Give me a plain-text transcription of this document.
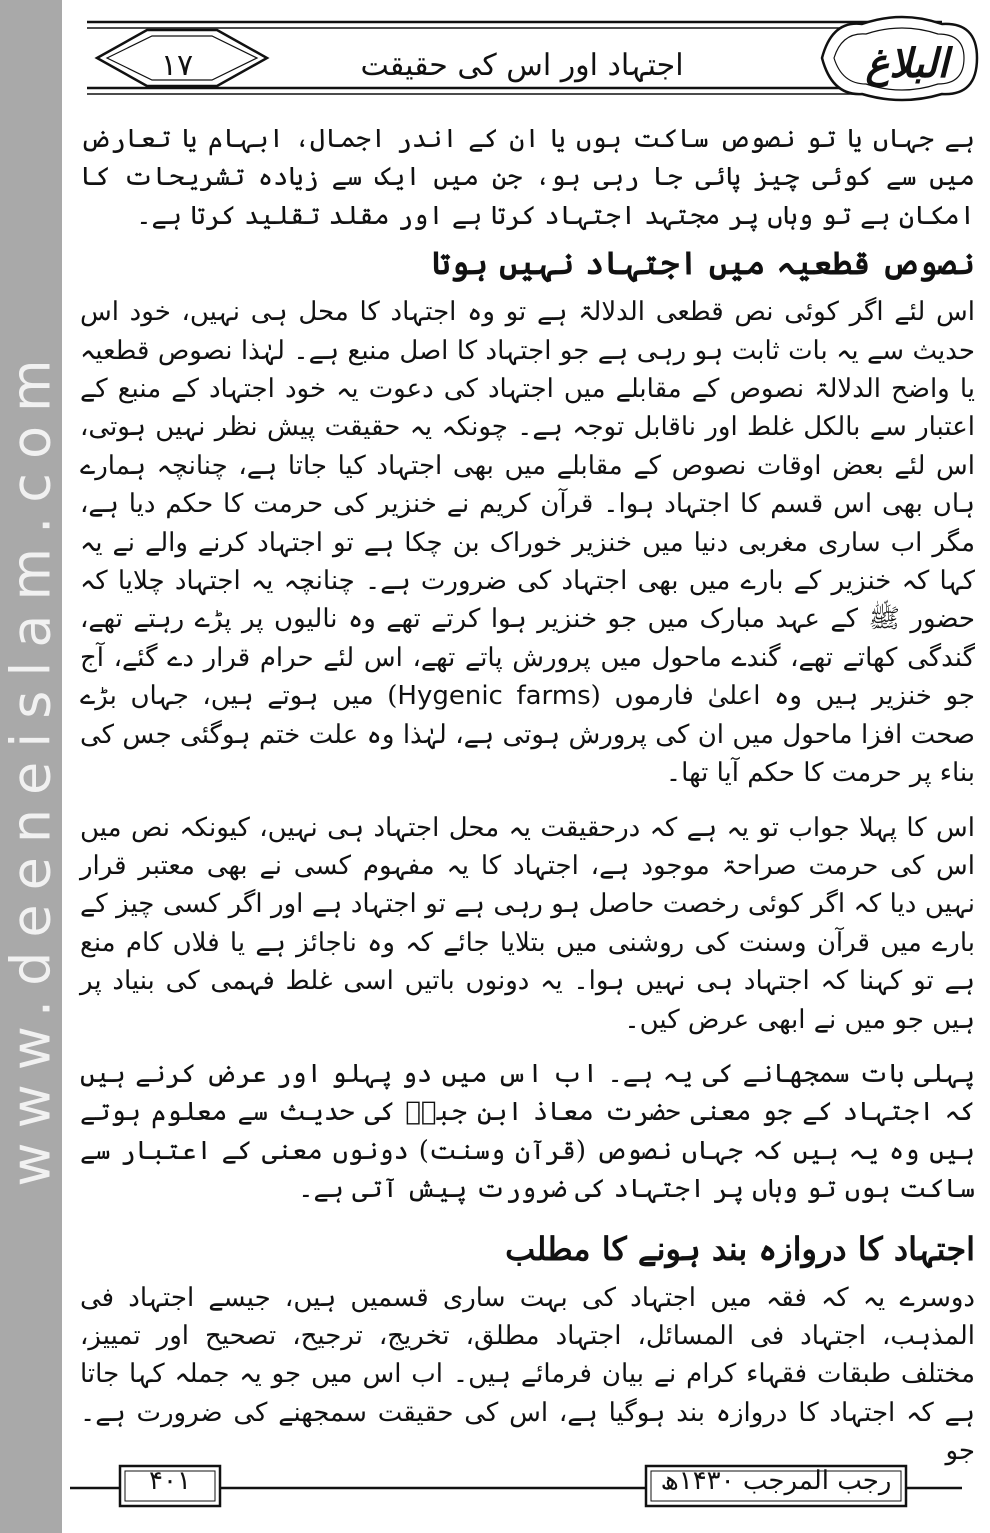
www.deeneislam.com
۱۷	اجتہاد اور اس کی حقیقت	البلاغ

ہے جہاں یا تو نصوص ساکت ہوں یا ان کے اندر اجمال، ابہام یا تعارض میں سے کوئی چیز پائی جا رہی ہو، جن میں ایک سے زیادہ تشریحات کا امکان ہے تو وہاں پر مجتہد اجتہاد کرتا ہے اور مقلد تقلید کرتا ہے۔

نصوص قطعیہ میں اجتہاد نہیں ہوتا

اس لئے اگر کوئی نص قطعی الدلالۃ ہے تو وہ اجتہاد کا محل ہی نہیں، خود اس حدیث سے یہ بات ثابت ہو رہی ہے جو اجتہاد کا اصل منبع ہے۔ لہٰذا نصوص قطعیہ یا واضح الدلالۃ نصوص کے مقابلے میں اجتہاد کی دعوت یہ خود اجتہاد کے منبع کے اعتبار سے بالکل غلط اور ناقابل توجہ ہے۔ چونکہ یہ حقیقت پیش نظر نہیں ہوتی، اس لئے بعض اوقات نصوص کے مقابلے میں بھی اجتہاد کیا جاتا ہے، چنانچہ ہمارے ہاں بھی اس قسم کا اجتہاد ہوا۔ قرآن کریم نے خنزیر کی حرمت کا حکم دیا ہے، مگر اب ساری مغربی دنیا میں خنزیر خوراک بن چکا ہے تو اجتہاد کرنے والے نے یہ کہا کہ خنزیر کے بارے میں بھی اجتہاد کی ضرورت ہے۔ چنانچہ یہ اجتہاد چلایا کہ حضور ﷺ کے عہد مبارک میں جو خنزیر ہوا کرتے تھے وہ نالیوں پر پڑے رہتے تھے، گندگی کھاتے تھے، گندے ماحول میں پرورش پاتے تھے، اس لئے حرام قرار دے گئے، آج جو خنزیر ہیں وہ اعلیٰ فارموں (Hygenic farms) میں ہوتے ہیں، جہاں بڑے صحت افزا ماحول میں ان کی پرورش ہوتی ہے، لہٰذا وہ علت ختم ہوگئی جس کی بناء پر حرمت کا حکم آیا تھا۔

اس کا پہلا جواب تو یہ ہے کہ درحقیقت یہ محل اجتہاد ہی نہیں، کیونکہ نص میں اس کی حرمت صراحۃ موجود ہے، اجتہاد کا یہ مفہوم کسی نے بھی معتبر قرار نہیں دیا کہ اگر کوئی رخصت حاصل ہو رہی ہے تو اجتہاد ہے اور اگر کسی چیز کے بارے میں قرآن وسنت کی روشنی میں بتلایا جائے کہ وہ ناجائز ہے یا فلاں کام منع ہے تو کہنا کہ اجتہاد ہی نہیں ہوا۔ یہ دونوں باتیں اسی غلط فہمی کی بنیاد پر ہیں جو میں نے ابھی عرض کیں۔

پہلی بات سمجھانے کی یہ ہے۔ اب اس میں دو پہلو اور عرض کرنے ہیں کہ اجتہاد کے جو معنی حضرت معاذ ابن جبلؓ کی حدیث سے معلوم ہوتے ہیں وہ یہ ہیں کہ جہاں نصوص (قرآن وسنت) دونوں معنی کے اعتبار سے ساکت ہوں تو وہاں پر اجتہاد کی ضرورت پیش آتی ہے۔

اجتہاد کا دروازہ بند ہونے کا مطلب

دوسرے یہ کہ فقہ میں اجتہاد کی بہت ساری قسمیں ہیں، جیسے اجتہاد فی المذہب، اجتہاد فی المسائل، اجتہاد مطلق، تخریج، ترجیح، تصحیح اور تمییز، مختلف طبقات فقہاء کرام نے بیان فرمائے ہیں۔ اب اس میں جو یہ جملہ کہا جاتا ہے کہ اجتہاد کا دروازہ بند ہوگیا ہے، اس کی حقیقت سمجھنے کی ضرورت ہے۔ جو

۴۰۱	رجب المرجب ۱۴۳۰ھ
